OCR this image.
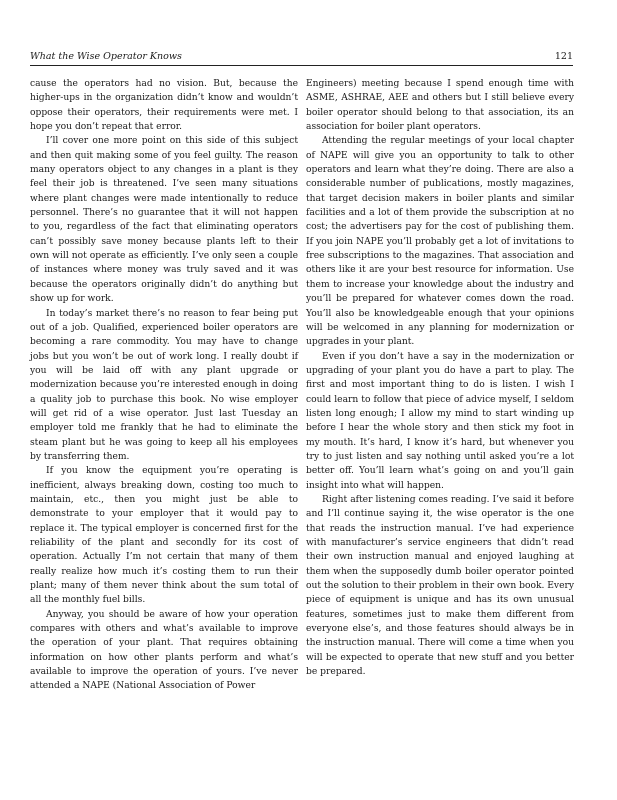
What the Wise Operator Knows	121

cause the operators had no vision. But, because the higher-ups in the organization didn’t know and wouldn’t oppose their operators, their requirements were met. I hope you don’t repeat that error.

I’ll cover one more point on this side of this subject and then quit making some of you feel guilty. The reason many operators object to any changes in a plant is they feel their job is threatened. I’ve seen many situations where plant changes were made intentionally to reduce personnel. There’s no guarantee that it will not happen to you, regardless of the fact that eliminating operators can’t possibly save money because plants left to their own will not operate as efficiently. I’ve only seen a couple of instances where money was truly saved and it was because the operators originally didn’t do anything but show up for work.

In today’s market there’s no reason to fear being put out of a job. Qualified, experienced boiler operators are becoming a rare commodity. You may have to change jobs but you won’t be out of work long. I really doubt if you will be laid off with any plant upgrade or modernization because you’re interested enough in doing a quality job to purchase this book. No wise employer will get rid of a wise operator. Just last Tuesday an employer told me frankly that he had to eliminate the steam plant but he was going to keep all his employees by transferring them.

If you know the equipment you’re operating is inefficient, always breaking down, costing too much to maintain, etc., then you might just be able to demonstrate to your employer that it would pay to replace it. The typical employer is concerned first for the reliability of the plant and secondly for its cost of operation. Actually I’m not certain that many of them really realize how much it’s costing them to run their plant; many of them never think about the sum total of all the monthly fuel bills.

Anyway, you should be aware of how your operation compares with others and what’s available to improve the operation of your plant. That requires obtaining information on how other plants perform and what’s available to improve the operation of yours. I’ve never attended a NAPE (National Association of Power

Engineers) meeting because I spend enough time with ASME, ASHRAE, AEE and others but I still believe every boiler operator should belong to that association, its an association for boiler plant operators.

Attending the regular meetings of your local chapter of NAPE will give you an opportunity to talk to other operators and learn what they’re doing. There are also a considerable number of publications, mostly magazines, that target decision makers in boiler plants and similar facilities and a lot of them provide the subscription at no cost; the advertisers pay for the cost of publishing them. If you join NAPE you’ll probably get a lot of invitations to free subscriptions to the magazines. That association and others like it are your best resource for information. Use them to increase your knowledge about the industry and you’ll be prepared for whatever comes down the road. You’ll also be knowledgeable enough that your opinions will be welcomed in any planning for modernization or upgrades in your plant.

Even if you don’t have a say in the modernization or upgrading of your plant you do have a part to play. The first and most important thing to do is listen. I wish I could learn to follow that piece of advice myself, I seldom listen long enough; I allow my mind to start winding up before I hear the whole story and then stick my foot in my mouth. It’s hard, I know it’s hard, but whenever you try to just listen and say nothing until asked you’re a lot better off. You’ll learn what’s going on and you’ll gain insight into what will happen.

Right after listening comes reading. I’ve said it before and I’ll continue saying it, the wise operator is the one that reads the instruction manual. I’ve had experience with manufacturer’s service engineers that didn’t read their own instruction manual and enjoyed laughing at them when the supposedly dumb boiler operator pointed out the solution to their problem in their own book. Every piece of equipment is unique and has its own unusual features, sometimes just to make them different from everyone else’s, and those features should always be in the instruction manual. There will come a time when you will be expected to operate that new stuff and you better be prepared.
